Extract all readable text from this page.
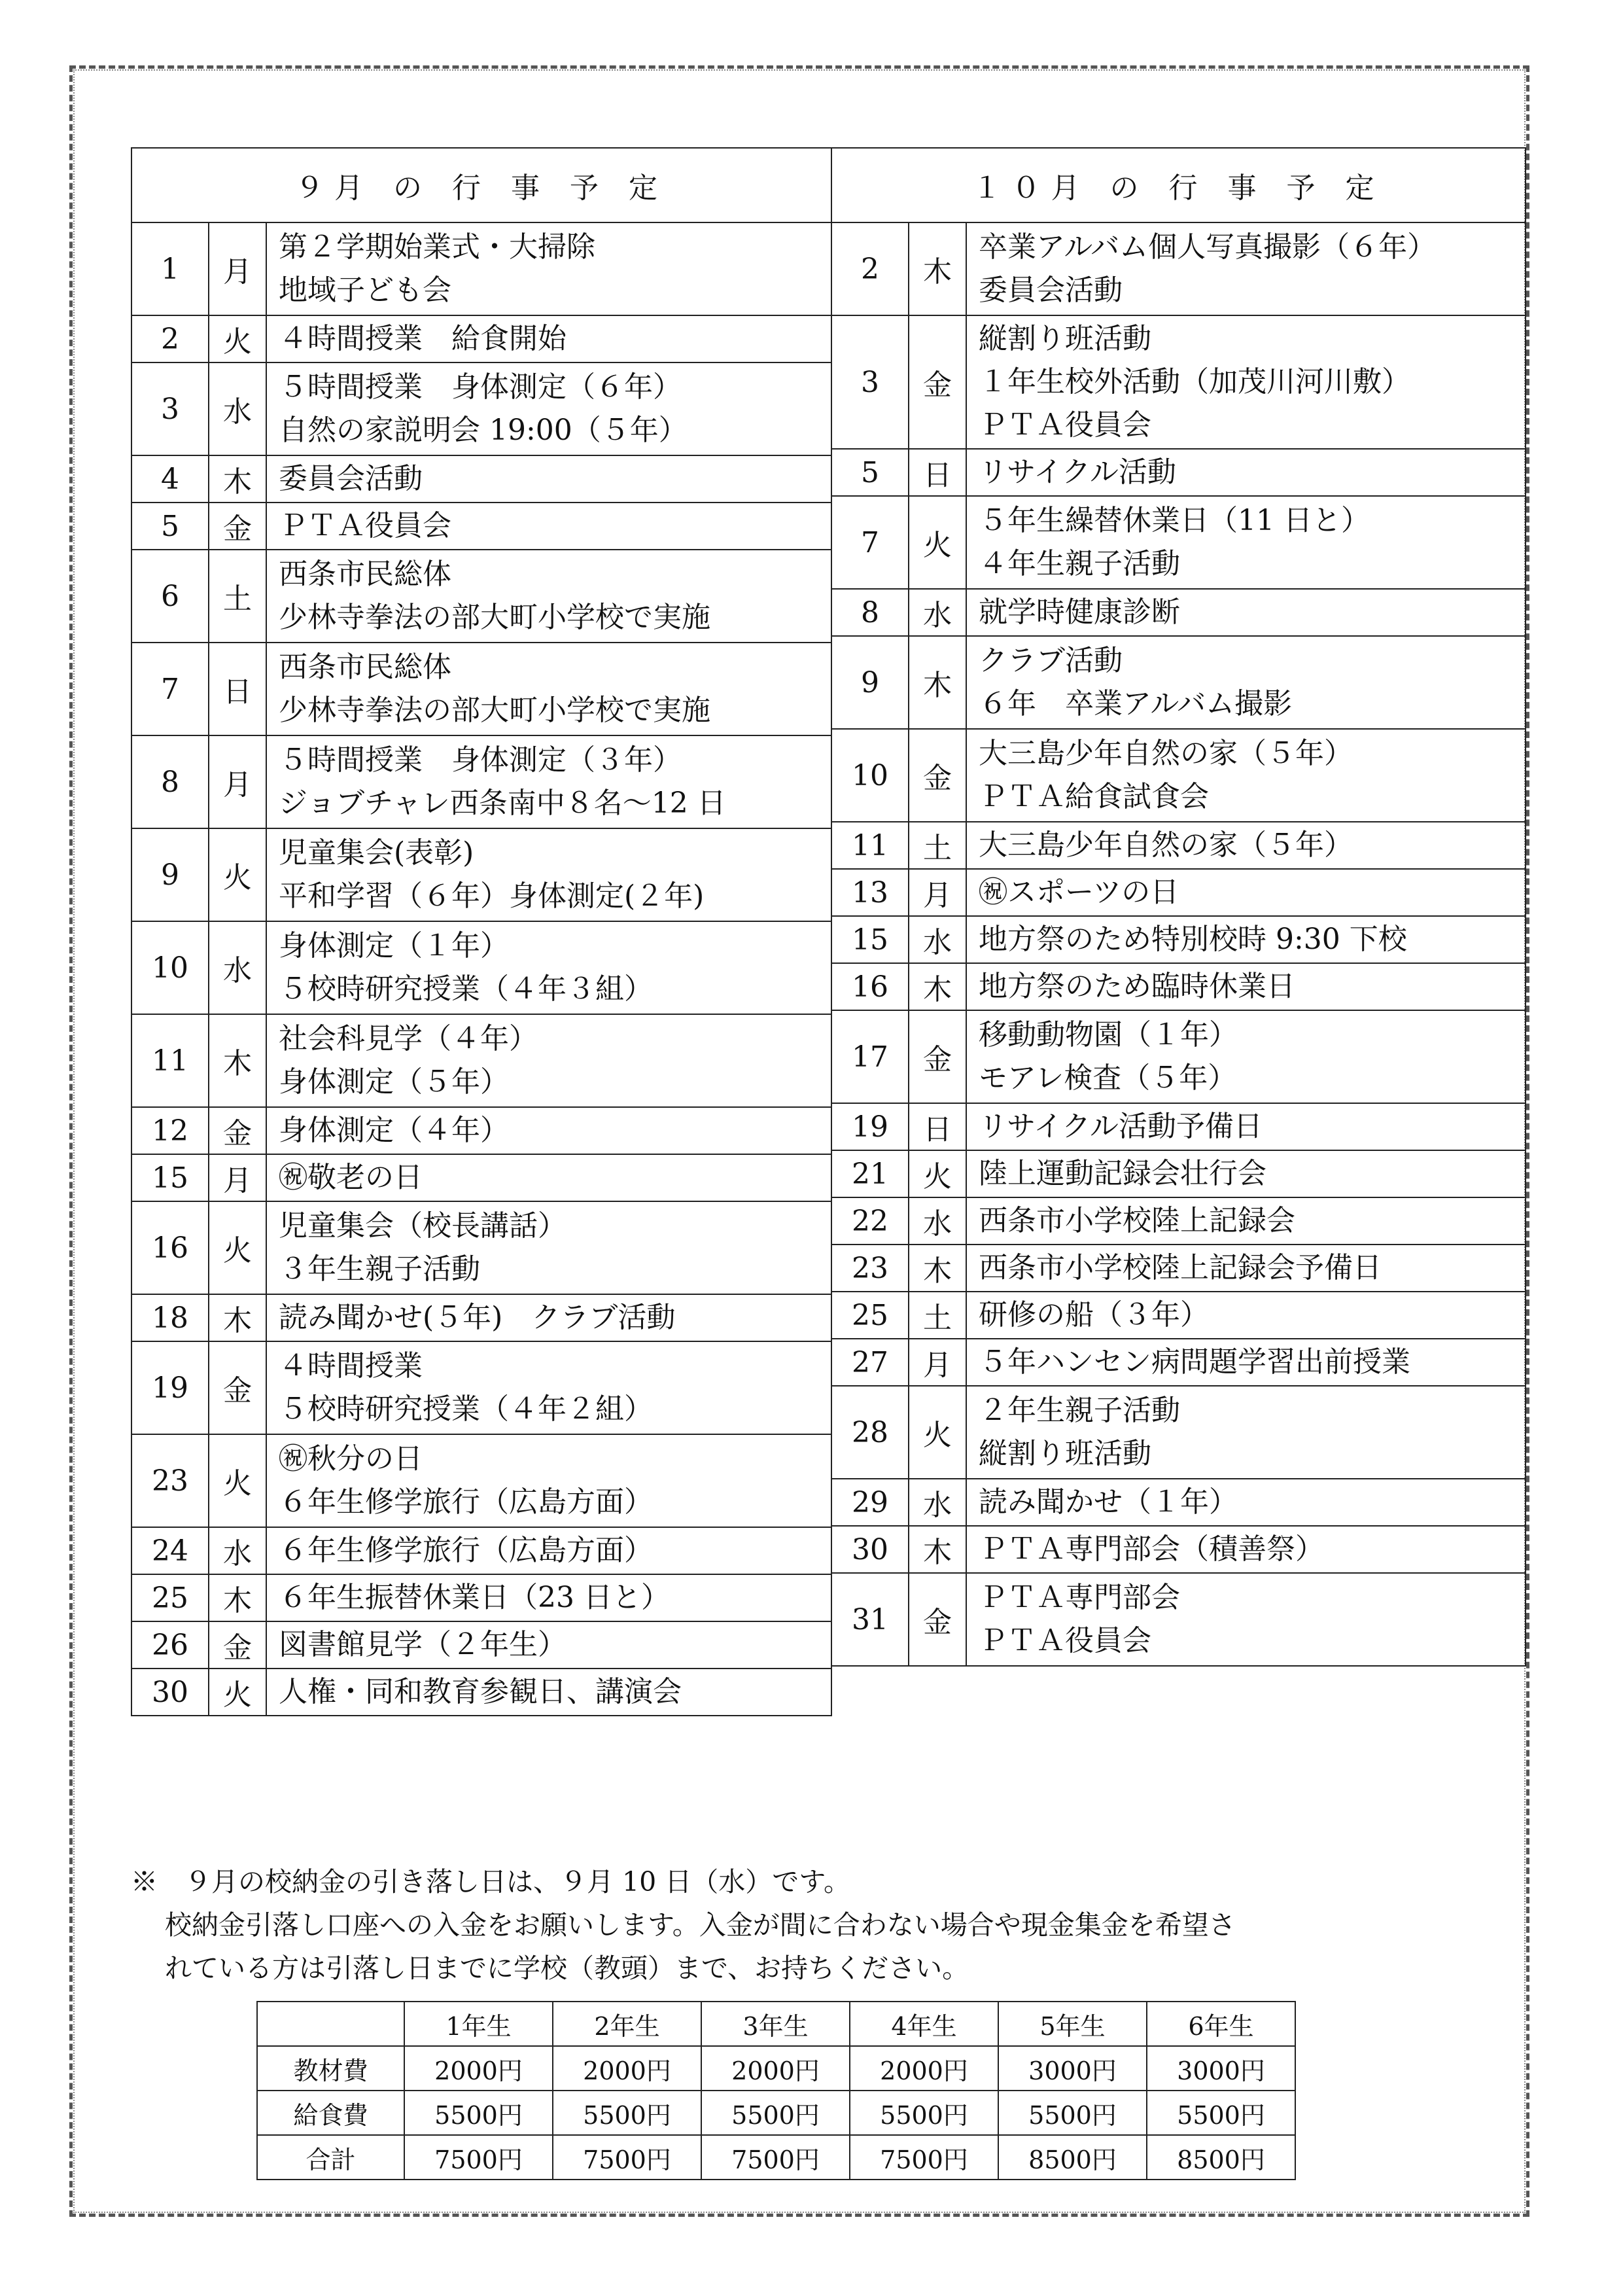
９月 の 行 事 予 定		
1	月	第２学期始業式・大掃除
地域子ども会

2	火	４時間授業　給食開始

3	水	５時間授業　身体測定（６年）
自然の家説明会 19:00（５年）

4	木	委員会活動

5	金	ＰＴＡ役員会

6	土	西条市民総体
少林寺拳法の部大町小学校で実施

7	日	西条市民総体
少林寺拳法の部大町小学校で実施

8	月	５時間授業　身体測定（３年）
ジョブチャレ西条南中８名～12 日

9	火	児童集会(表彰)
平和学習（６年）身体測定(２年)

10	水	身体測定（１年）
５校時研究授業（４年３組）

11	木	社会科見学（４年）
身体測定（５年）

12	金	身体測定（４年）

15	月	㊗敬老の日

16	火	児童集会（校長講話）
３年生親子活動

18	木	読み聞かせ(５年)　クラブ活動

19	金	４時間授業
５校時研究授業（４年２組）

23	火	㊗秋分の日
６年生修学旅行（広島方面）

24	水	６年生修学旅行（広島方面）

25	木	６年生振替休業日（23 日と）

26	金	図書館見学（２年生）

30	火	人権・同和教育参観日、講演会
１０月 の 行 事 予 定		
2	木	卒業アルバム個人写真撮影（６年）
委員会活動

3	金	縦割り班活動
１年生校外活動（加茂川河川敷）
ＰＴＡ役員会

5	日	リサイクル活動

7	火	５年生繰替休業日（11 日と）
４年生親子活動

8	水	就学時健康診断

9	木	クラブ活動
６年　卒業アルバム撮影

10	金	大三島少年自然の家（５年）
ＰＴＡ給食試食会

11	土	大三島少年自然の家（５年）

13	月	㊗スポーツの日

15	水	地方祭のため特別校時 9:30 下校

16	木	地方祭のため臨時休業日

17	金	移動動物園（１年）
モアレ検査（５年）

19	日	リサイクル活動予備日

21	火	陸上運動記録会壮行会

22	水	西条市小学校陸上記録会

23	木	西条市小学校陸上記録会予備日

25	土	研修の船（３年）

27	月	５年ハンセン病問題学習出前授業

28	火	２年生親子活動
縦割り班活動

29	水	読み聞かせ（１年）

30	木	ＰＴＡ専門部会（積善祭）

31	金	ＰＴＡ専門部会
ＰＴＡ役員会
※　９月の校納金の引き落し日は、９月 10 日（水）です。
校納金引落し口座への入金をお願いします。入金が間に合わない場合や現金集金を希望さ
れている方は引落し日までに学校（教頭）まで、お持ちください。
	1年生	2年生	3年生	4年生	5年生	6年生
教材費	2000円	2000円	2000円	2000円	3000円	3000円
給食費	5500円	5500円	5500円	5500円	5500円	5500円
合計	7500円	7500円	7500円	7500円	8500円	8500円
